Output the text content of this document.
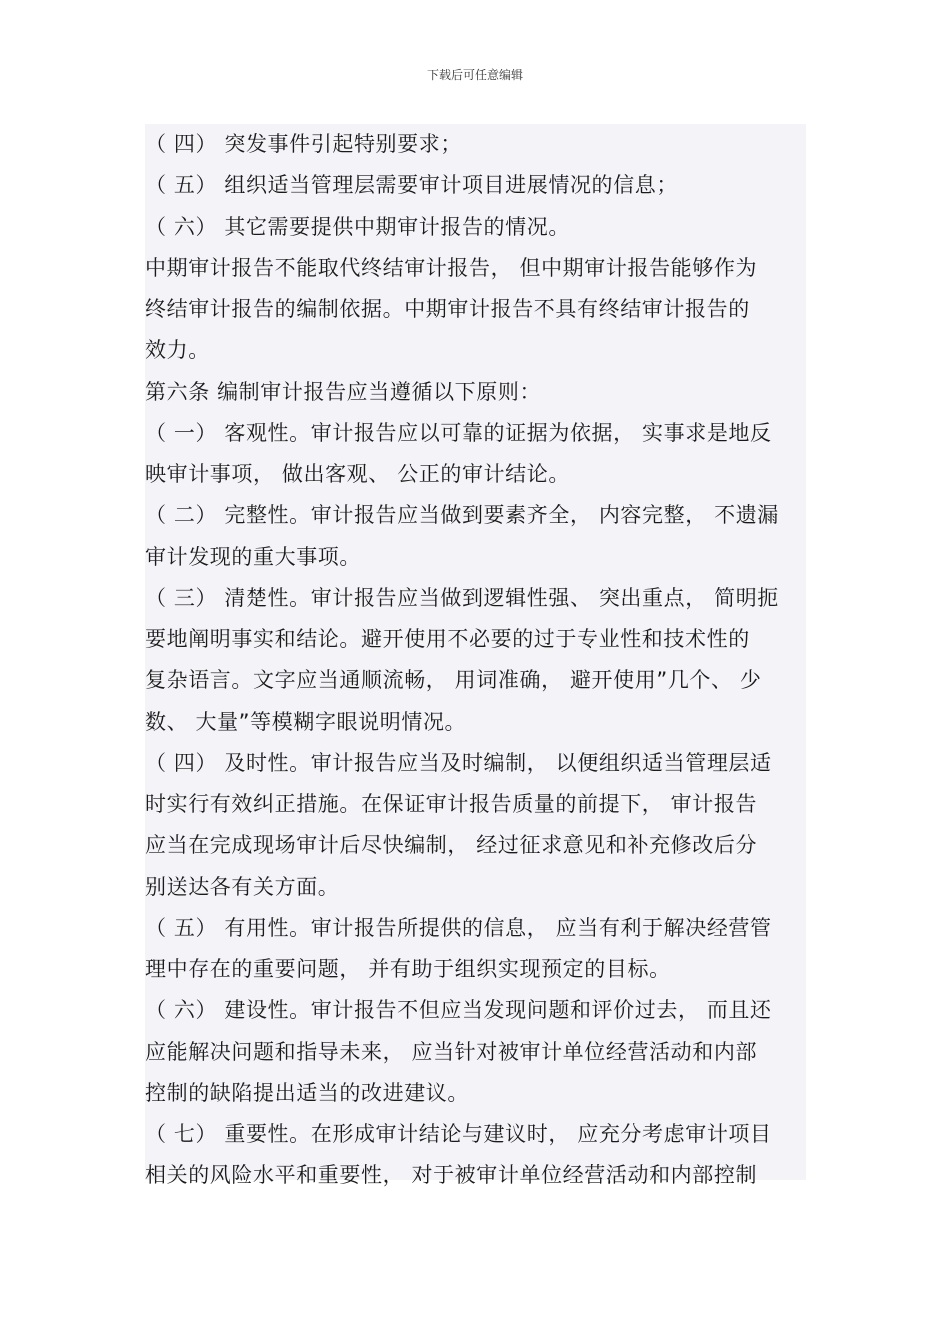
下载后可任意编辑
（ 四） 突发事件引起特别要求；
（ 五） 组织适当管理层需要审计项目进展情况的信息；
（ 六） 其它需要提供中期审计报告的情况。
中期审计报告不能取代终结审计报告， 但中期审计报告能够作为
终结审计报告的编制依据。中期审计报告不具有终结审计报告的
效力。
第六条 编制审计报告应当遵循以下原则：
（ 一） 客观性。审计报告应以可靠的证据为依据， 实事求是地反
映审计事项， 做出客观、 公正的审计结论。
（ 二） 完整性。审计报告应当做到要素齐全， 内容完整， 不遗漏
审计发现的重大事项。
（ 三） 清楚性。审计报告应当做到逻辑性强、 突出重点， 简明扼
要地阐明事实和结论。避开使用不必要的过于专业性和技术性的
复杂语言。文字应当通顺流畅， 用词准确， 避开使用”几个、 少
数、 大量”等模糊字眼说明情况。
（ 四） 及时性。审计报告应当及时编制， 以便组织适当管理层适
时实行有效纠正措施。在保证审计报告质量的前提下， 审计报告
应当在完成现场审计后尽快编制， 经过征求意见和补充修改后分
别送达各有关方面。
（ 五） 有用性。审计报告所提供的信息， 应当有利于解决经营管
理中存在的重要问题， 并有助于组织实现预定的目标。
（ 六） 建设性。审计报告不但应当发现问题和评价过去， 而且还
应能解决问题和指导未来， 应当针对被审计单位经营活动和内部
控制的缺陷提出适当的改进建议。
（ 七） 重要性。在形成审计结论与建议时， 应充分考虑审计项目
相关的风险水平和重要性， 对于被审计单位经营活动和内部控制
